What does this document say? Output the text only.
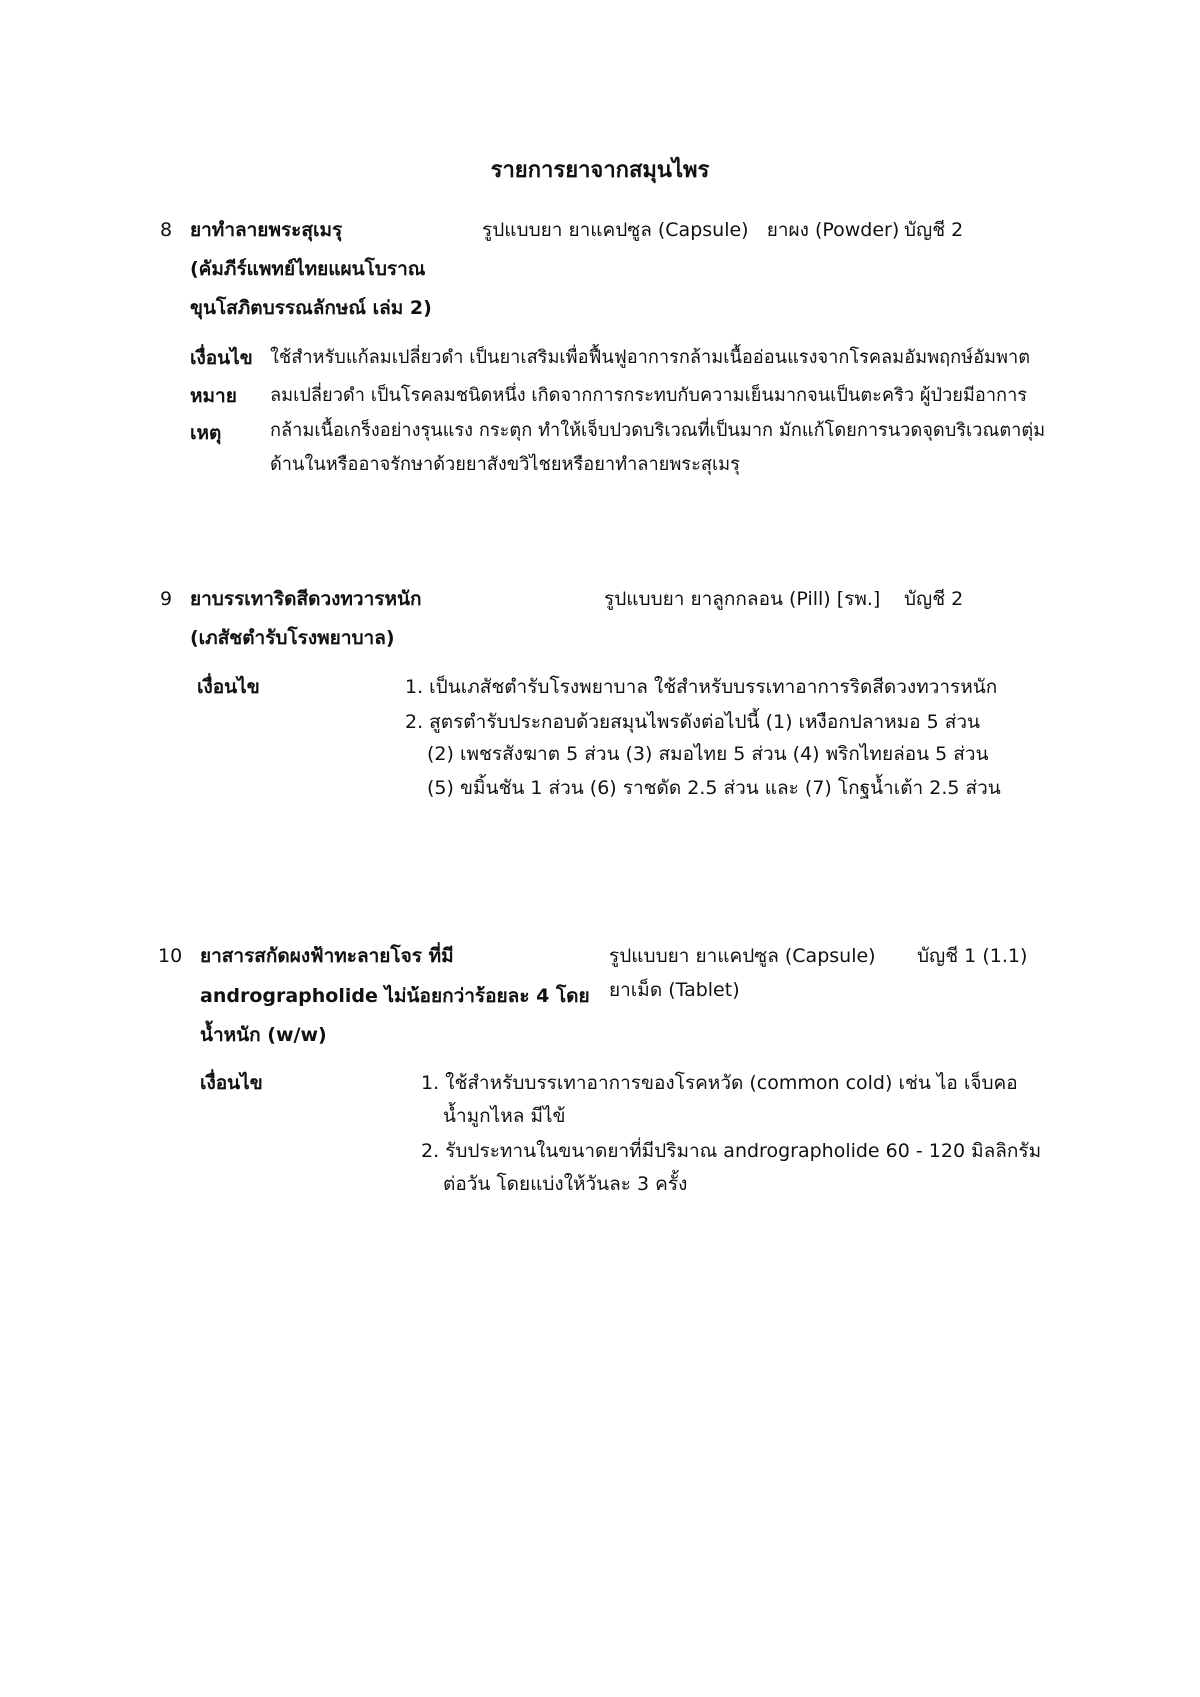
รายการยาจากสมุนไพร
8 ยาทำลายพระสุเมรุ
(คัมภีร์แพทย์ไทยแผนโบราณ
ขุนโสภิตบรรณลักษณ์ เล่ม 2)
รูปแบบยา ยาแคปซูล (Capsule)   ยาผง (Powder) บัญชี 2
เงื่อนไข ใช้สำหรับแก้ลมเปลี่ยวดำ เป็นยาเสริมเพื่อฟื้นฟูอาการกล้ามเนื้ออ่อนแรงจากโรคลมอัมพฤกษ์อัมพาต
หมาย
เหตุ
ลมเปลี่ยวดำ เป็นโรคลมชนิดหนึ่ง เกิดจากการกระทบกับความเย็นมากจนเป็นตะคริว ผู้ป่วยมีอาการ
กล้ามเนื้อเกร็งอย่างรุนแรง กระตุก ทำให้เจ็บปวดบริเวณที่เป็นมาก มักแก้โดยการนวดจุดบริเวณตาตุ่ม
ด้านในหรืออาจรักษาด้วยยาสังขวิไชยหรือยาทำลายพระสุเมรุ
9 ยาบรรเทาริดสีดวงทวารหนัก
(เภสัชตำรับโรงพยาบาล)
รูปแบบยา ยาลูกกลอน (Pill) [รพ.] บัญชี 2
เงื่อนไข	1. เป็นเภสัชตำรับโรงพยาบาล ใช้สำหรับบรรเทาอาการริดสีดวงทวารหนัก
2. สูตรตำรับประกอบด้วยสมุนไพรดังต่อไปนี้ (1) เหงือกปลาหมอ 5 ส่วน
(2) เพชรสังฆาต 5 ส่วน (3) สมอไทย 5 ส่วน (4) พริกไทยล่อน 5 ส่วน
(5) ขมิ้นชัน 1 ส่วน (6) ราชดัด 2.5 ส่วน และ (7) โกฐน้ำเต้า 2.5 ส่วน
10 ยาสารสกัดผงฟ้าทะลายโจร ที่มี
andrographolide ไม่น้อยกว่าร้อยละ 4 โดย
น้ำหนัก (w/w)
รูปแบบยา ยาแคปซูล (Capsule)
ยาเม็ด (Tablet)
บัญชี 1 (1.1)
เงื่อนไข	1. ใช้สำหรับบรรเทาอาการของโรคหวัด (common cold) เช่น ไอ เจ็บคอ
น้ำมูกไหล มีไข้
2. รับประทานในขนาดยาที่มีปริมาณ andrographolide 60 - 120 มิลลิกรัม
ต่อวัน โดยแบ่งให้วันละ 3 ครั้ง
